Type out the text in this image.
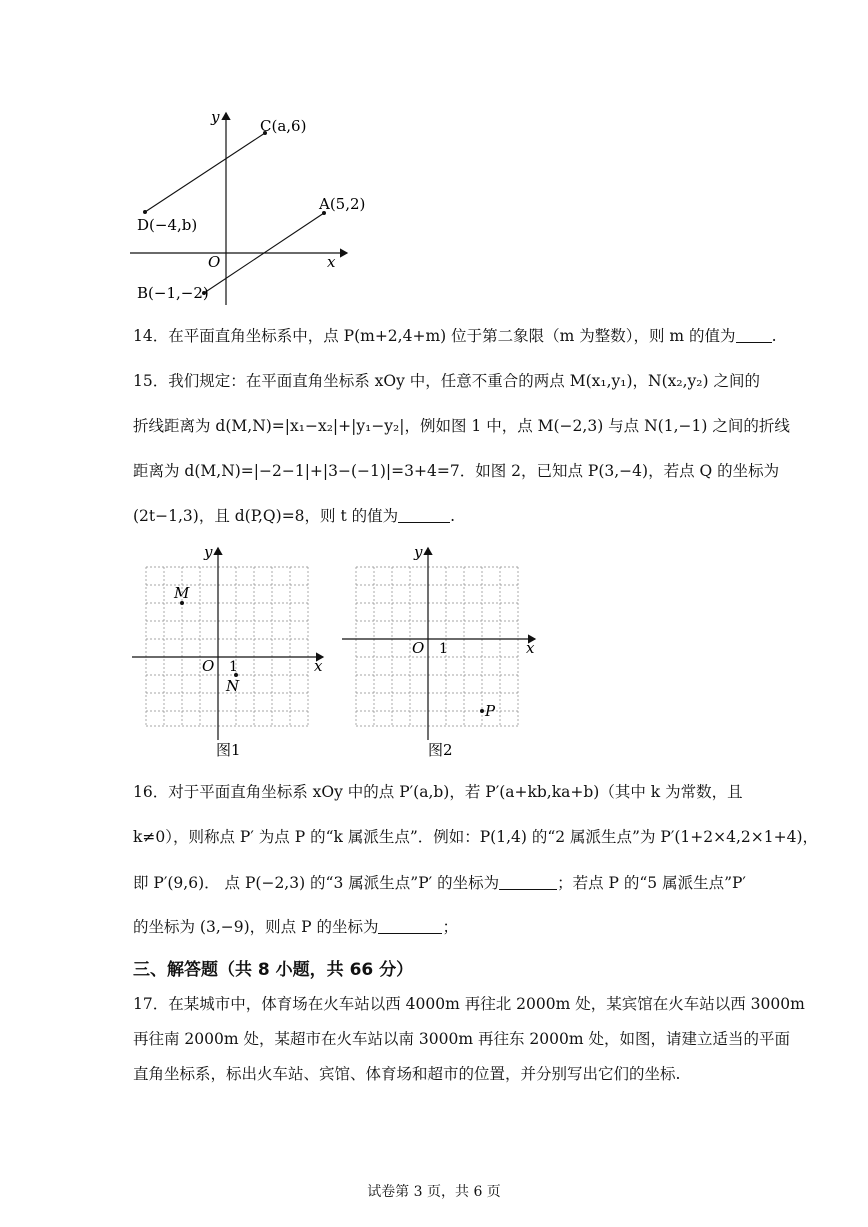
y
x
O
C(a,6)
D(−4,b)
A(5,2)
B(−1,−2)
14．在平面直角坐标系中，点 P(m+2,4+m) 位于第二象限（m 为整数），则 m 的值为 .
15．我们规定：在平面直角坐标系 xOy 中，任意不重合的两点 M(x₁,y₁)，N(x₂,y₂) 之间的
折线距离为 d(M,N)=|x₁−x₂|+|y₁−y₂|，例如图 1 中，点 M(−2,3) 与点 N(1,−1) 之间的折线
距离为 d(M,N)=|−2−1|+|3−(−1)|=3+4=7．如图 2，已知点 P(3,−4)，若点 Q 的坐标为
(2t−1,3)，且 d(P,Q)=8，则 t 的值为	.
y
x
O 1
M
N
图1
y
x
O 1
P
图2
16．对于平面直角坐标系 xOy 中的点 P′(a,b)，若 P′(a+kb,ka+b)（其中 k 为常数，且
k≠0），则称点 P′ 为点 P 的“k 属派生点”．例如：P(1,4) 的“2 属派生点”为 P′(1+2×4,2×1+4)，
即 P′(9,6)． 点 P(−2,3) 的“3 属派生点”P′ 的坐标为	；若点 P 的“5 属派生点”P′
的坐标为 (3,−9)，则点 P 的坐标为	；
三、解答题（共 8 小题，共 66 分）
17．在某城市中，体育场在火车站以西 4000m 再往北 2000m 处，某宾馆在火车站以西 3000m
再往南 2000m 处，某超市在火车站以南 3000m 再往东 2000m 处，如图，请建立适当的平面
直角坐标系，标出火车站、宾馆、体育场和超市的位置，并分别写出它们的坐标.
试卷第 3 页，共 6 页
